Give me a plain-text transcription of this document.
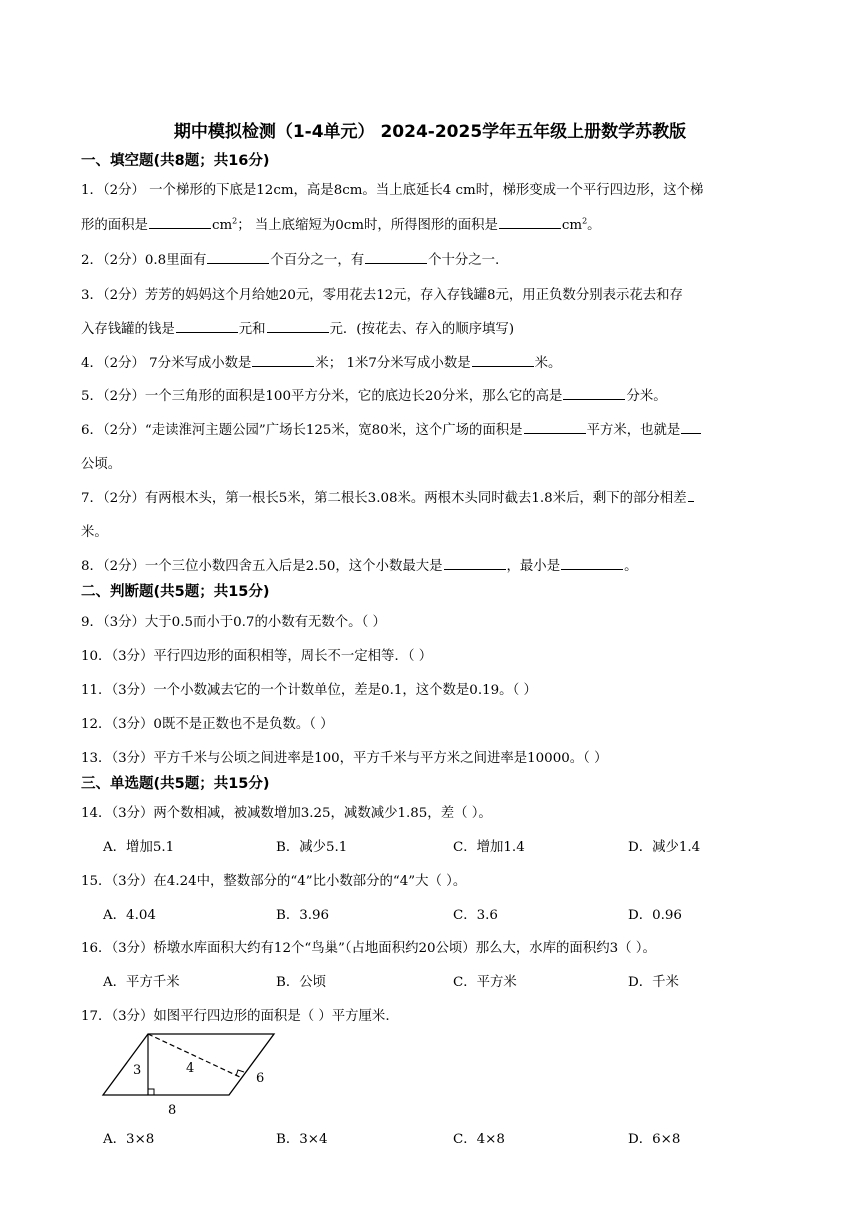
期中模拟检测（1-4单元） 2024-2025学年五年级上册数学苏教版
一、填空题(共8题；共16分)
1．（2分） 一个梯形的下底是12cm，高是8cm。当上底延长4 cm时，梯形变成一个平行四边形，这个梯
形的面积是	$cm^2$； 当上底缩短为0cm时，所得图形的面积是	$cm^2$。
2．（2分）0.8里面有	个百分之一，有	个十分之一.
3．（2分）芳芳的妈妈这个月给她20元，零用花去12元，存入存钱罐8元，用正负数分别表示花去和存
入存钱罐的钱是	元和	元．(按花去、存入的顺序填写)
4．（2分） 7分米写成小数是	米； 1米7分米写成小数是	米。
5．（2分）一个三角形的面积是100平方分米，它的底边长20分米，那么它的高是	分米。
6．（2分）“走读淮河主题公园”广场长125米，宽80米，这个广场的面积是	平方米，也就是
公顷。
7．（2分）有两根木头，第一根长5米，第二根长3.08米。两根木头同时截去1.8米后，剩下的部分相差
米。
8．（2分）一个三位小数四舍五入后是2.50，这个小数最大是	，最小是	。
二、判断题(共5题；共15分)
9．（3分）大于0.5而小于0.7的小数有无数个。（ ）
10．（3分）平行四边形的面积相等，周长不一定相等．（ ）
11．（3分）一个小数减去它的一个计数单位，差是0.1，这个数是0.19。（ ）
12．（3分）0既不是正数也不是负数。（ ）
13．（3分）平方千米与公顷之间进率是100，平方千米与平方米之间进率是10000。（ ）
三、单选题(共5题；共15分)
14．（3分）两个数相减，被减数增加3.25，减数减少1.85，差（ ）。
A．增加5.1	B．减少5.1	C．增加1.4	D．减少1.4
15．（3分）在4.24中，整数部分的“4”比小数部分的“4”大（ ）。
A．4.04	B．3.96	C．3.6	D．0.96
16．（3分）桥墩水库面积大约有12个“鸟巢”（占地面积约20公顷）那么大，水库的面积约3（ ）。
A．平方千米	B．公顷	C．平方米	D．千米
17．（3分）如图平行四边形的面积是（ ）平方厘米.
3	4
6
8
A．3×8	B．3×4	C．4×8	D．6×8
